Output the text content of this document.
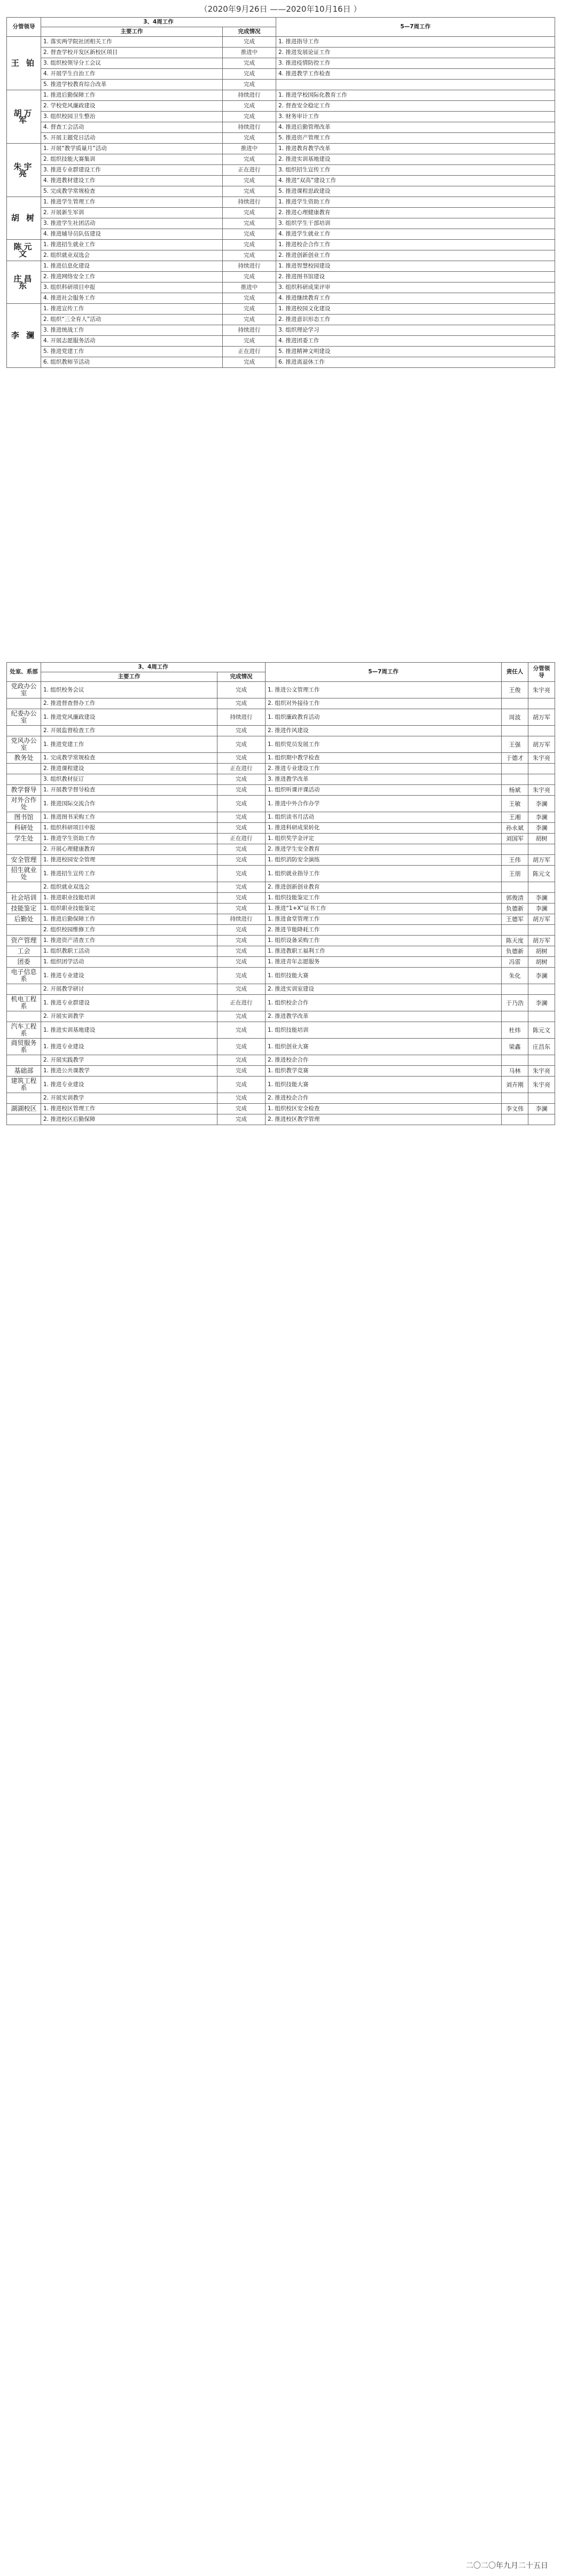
（2020年9月26日 ——2020年10月16日 ）
分管领导	3、4周工作		5—7周工作
	主要工作	完成情况	
王 铂	1. 落实两学院社团相关工作	完成	1. 推进指导工作
	2. 督查学校开发区新校区项目	推进中	2. 推进发展论证工作
	3. 组织校领导分工会议	完成	3. 推进疫情防控工作
	4. 开展学生自治工作	完成	4. 推进教学工作检查
	5. 推进学校教育综合改革	完成	
胡万军	1. 推进后勤保障工作	持续进行	1. 推进学校国际化教育工作
	2. 学校党风廉政建设	完成	2. 督查安全稳定工作
	3. 组织校园卫生整治	完成	3. 财务审计工作
	4. 督查工会活动	持续进行	4. 推进后勤管理改革
	5. 开展主题党日活动	完成	5. 推进资产管理工作
朱宇亮	1. 开展“教学质量月”活动	推进中	1. 推进教育教学改革
	2. 组织技能大赛集训	完成	2. 推进实训基地建设
	3. 推进专业群建设工作	正在进行	3. 组织招生宣传工作
	4. 推进教材建设工作	完成	4. 推进“双高”建设工作
	5. 完成教学常规检查	完成	5. 推进课程思政建设
胡 树	1. 推进学生管理工作	持续进行	1. 推进学生资助工作
	2. 开展新生军训	完成	2. 推进心理健康教育
	3. 推进学生社团活动	完成	3. 组织学生干部培训
	4. 推进辅导员队伍建设	完成	4. 推进学生就业工作
陈元文	1. 推进招生就业工作	完成	1. 推进校企合作工作
	2. 组织就业双选会	完成	2. 推进创新创业工作
庄昌东	1. 推进信息化建设	持续进行	1. 推进智慧校园建设
	2. 推进网络安全工作	完成	2. 推进图书馆建设
	3. 组织科研项目申报	推进中	3. 组织科研成果评审
	4. 推进社会服务工作	完成	4. 推进继续教育工作
李 澜	1. 推进宣传工作	完成	1. 推进校园文化建设
	2. 组织“三全育人”活动	完成	2. 推进意识形态工作
	3. 推进统战工作	持续进行	3. 组织理论学习
	4. 开展志愿服务活动	完成	4. 推进团委工作
	5. 推进党建工作	正在进行	5. 推进精神文明建设
	6. 组织教师节活动	完成	6. 推进离退休工作
处室、系部	3、4周工作		5—7周工作	责任人	分管领导
	主要工作	完成情况			
党政办公室	1. 组织校务会议	完成	1. 推进公文管理工作	王俊	朱宇亮
	2. 推进督查督办工作	完成	2. 组织对外接待工作		
纪委办公室	1. 推进党风廉政建设	持续进行	1. 组织廉政教育活动	周波	胡万军
	2. 开展监督检查工作	完成	2. 推进作风建设		
党风办公室	1. 推进党建工作	完成	1. 组织党员发展工作	王强	胡万军
教务处	1. 完成教学常规检查	完成	1. 组织期中教学检查	于德才	朱宇亮
	2. 推进课程建设	正在进行	2. 推进专业建设工作		
	3. 组织教材征订	完成	3. 推进教学改革		
教学督导	1. 开展教学督导检查	完成	1. 组织听课评课活动	杨斌	朱宇亮
对外合作处	1. 推进国际交流合作	完成	1. 推进中外合作办学	王敏	李澜
图书馆	1. 推进图书采购工作	完成	1. 组织读书月活动	王湘	李澜
科研处	1. 组织科研项目申报	完成	1. 推进科研成果转化	孙永斌	李澜
学生处	1. 推进学生资助工作	正在进行	1. 组织奖学金评定	刘国军	胡树
	2. 开展心理健康教育	完成	2. 推进学生安全教育		
安全管理	1. 推进校园安全管理	完成	1. 组织消防安全演练	王伟	胡万军
招生就业处	1. 推进招生宣传工作	完成	1. 组织就业指导工作	王朋	陈元文
	2. 组织就业双选会	完成	2. 推进创新创业教育		
社会培训	1. 推进职业技能培训	完成	1. 组织技能鉴定工作	郭俊清	李澜
技能鉴定	1. 组织职业技能鉴定	完成	1. 推进“1+X”证书工作	负德新	李澜
后勤处	1. 推进后勤保障工作	持续进行	1. 推进食堂管理工作	王德军	胡万军
	2. 组织校园维修工作	完成	2. 推进节能降耗工作		
资产管理	1. 推进资产清查工作	完成	1. 组织设备采购工作	陈天度	胡万军
工会	1. 组织教职工活动	完成	1. 推进教职工福利工作	负德新	胡树
团委	1. 组织团学活动	完成	1. 推进青年志愿服务	冯雷	胡树
电子信息系	1. 推进专业建设	完成	1. 组织技能大赛	朱化	李澜
	2. 开展教学研讨	完成	2. 推进实训室建设		
机电工程系	1. 推进专业群建设	正在进行	1. 组织校企合作	于乃浩	李澜
	2. 开展实训教学	完成	2. 推进教学改革		
汽车工程系	1. 推进实训基地建设	完成	1. 组织技能培训	杜炜	陈元文
商贸服务系	1. 推进专业建设	完成	1. 组织创业大赛	梁鑫	庄昌东
	2. 开展实践教学	完成	2. 推进校企合作		
基础部	1. 推进公共课教学	完成	1. 组织教学竞赛	马林	朱宇亮
建筑工程系	1. 推进专业建设	完成	1. 组织技能大赛	刘卉刚	朱宇亮
	2. 开展实训教学	完成	2. 推进校企合作		
湖湖校区	1. 推进校区管理工作	完成	1. 组织校区安全检查	李文伟	李澜
	2. 推进校区后勤保障	完成	2. 推进校区教学管理		
二〇二〇年九月二十五日
